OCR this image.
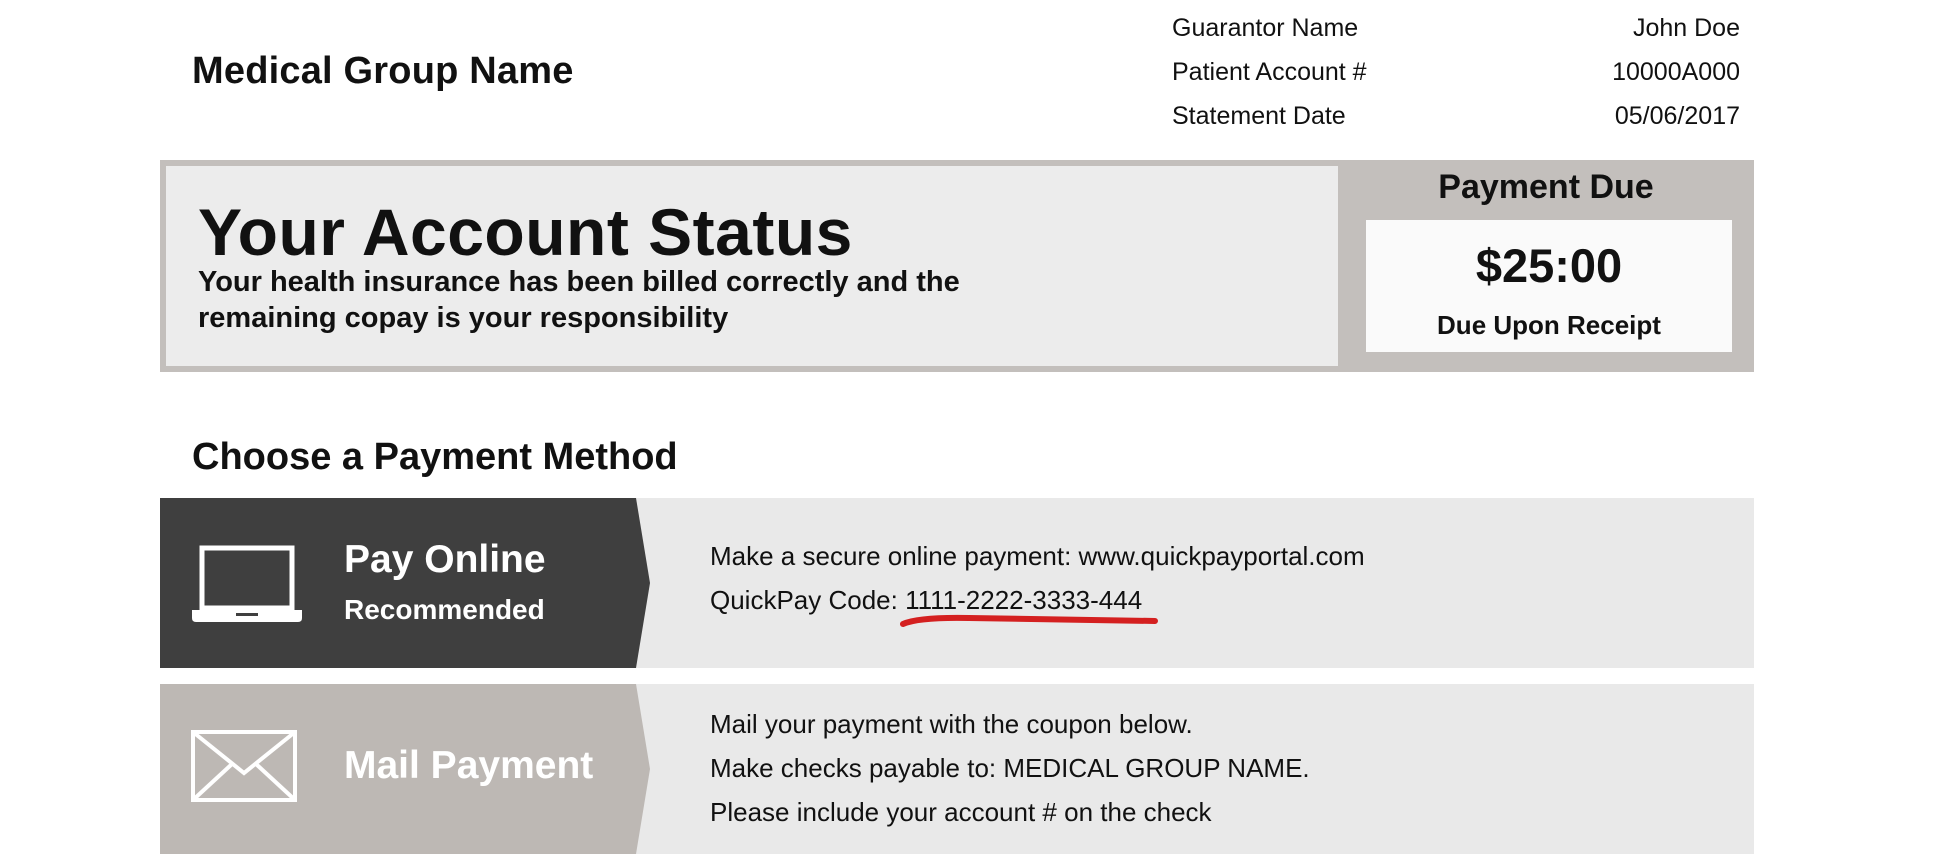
Medical Group Name
Guarantor Name	John Doe
Patient Account #	10000A000
Statement Date	05/06/2017
Your Account Status
Your health insurance has been billed correctly and the remaining copay is your responsibility
Payment Due
$25:00
Due Upon Receipt
Choose a Payment Method
Pay Online
Recommended
Make a secure online payment: www.quickpayportal.com
QuickPay Code: 1111-2222-3333-444
Mail Payment
Mail your payment with the coupon below.
Make checks payable to: MEDICAL GROUP NAME.
Please include your account # on the check
